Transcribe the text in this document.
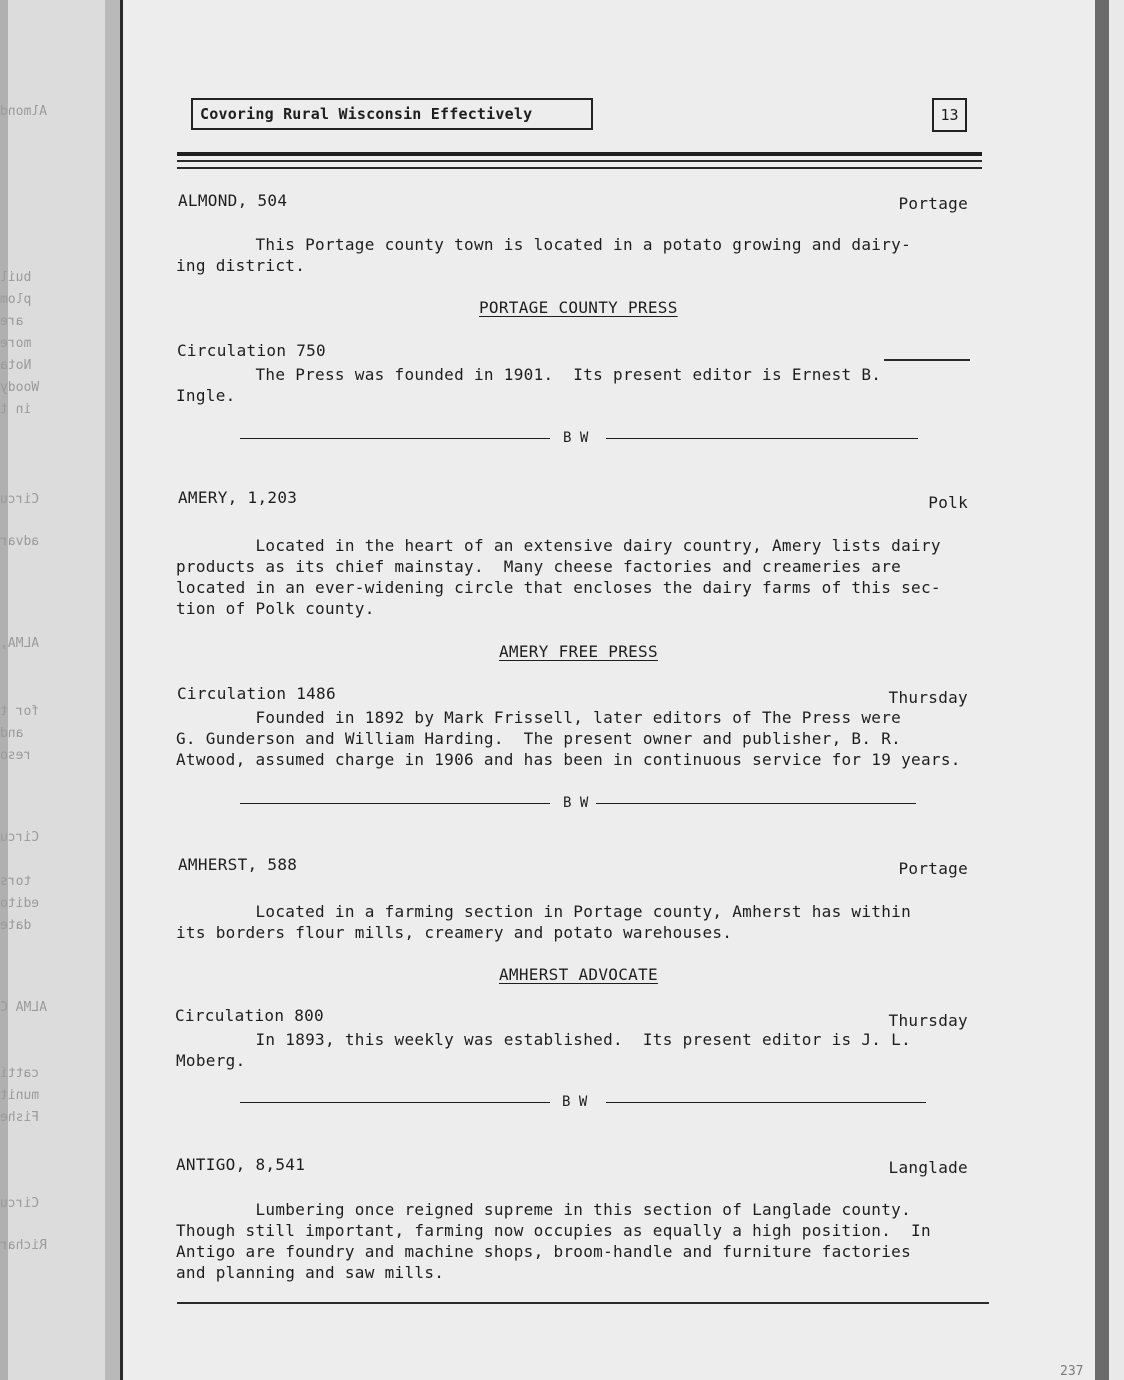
Almond
buil
plom
are
more
Nota
Woody
in t
Circu
advar
ALMA,
for t
and
reso
Circu
tors
edito
date
ALMA C
catti
munit
Fishe
Circu
Richar
Covoring Rural Wisconsin Effectively	13
ALMOND, 504	Portage
This Portage county town is located in a potato growing and dairy-
ing district.
PORTAGE COUNTY PRESS
Circulation 750
The Press was founded in 1901.  Its present editor is Ernest B.
Ingle.
B W
AMERY, 1,203	Polk
Located in the heart of an extensive dairy country, Amery lists dairy
products as its chief mainstay.  Many cheese factories and creameries are
located in an ever-widening circle that encloses the dairy farms of this sec-
tion of Polk county.
AMERY FREE PRESS
Circulation 1486	Thursday
Founded in 1892 by Mark Frissell, later editors of The Press were
G. Gunderson and William Harding.  The present owner and publisher, B. R.
Atwood, assumed charge in 1906 and has been in continuous service for 19 years.
B W
AMHERST, 588	Portage
Located in a farming section in Portage county, Amherst has within
its borders flour mills, creamery and potato warehouses.
AMHERST ADVOCATE
Circulation 800	Thursday
In 1893, this weekly was established.  Its present editor is J. L.
Moberg.
B W
ANTIGO, 8,541	Langlade
Lumbering once reigned supreme in this section of Langlade county.
Though still important, farming now occupies as equally a high position.  In
Antigo are foundry and machine shops, broom-handle and furniture factories
and planning and saw mills.
237
